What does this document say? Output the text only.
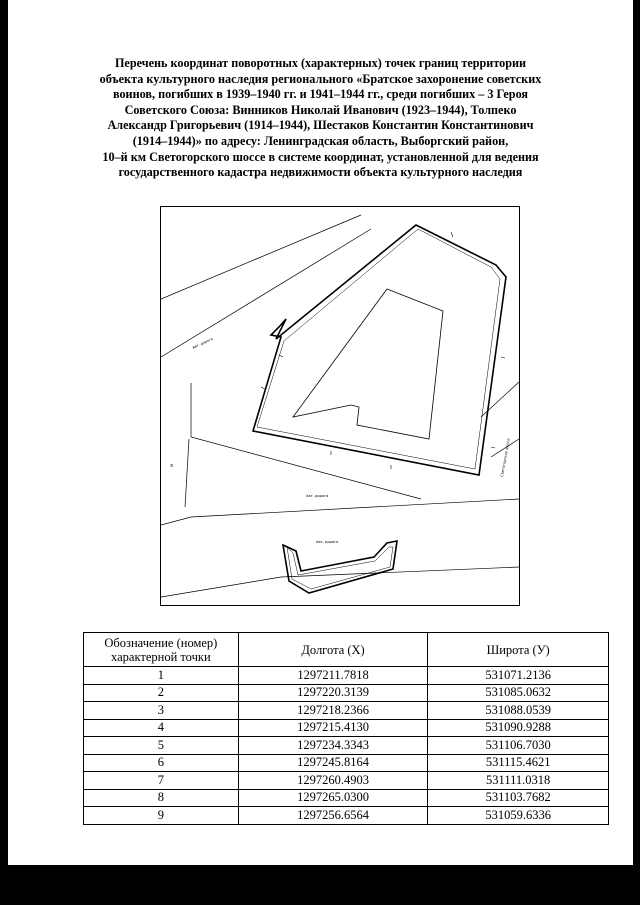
Перечень координат поворотных (характерных) точек границ территории
объекта культурного наследия регионального «Братское захоронение советских
воинов, погибших в 1939–1940 гг. и 1941–1944 гг., среди погибших – 3 Героя
Советского Союза: Винников Николай Иванович (1923–1944), Толпеко
Александр Григорьевич (1914–1944), Шестаков Константин Константинович
(1914–1944)» по адресу: Ленинградская область, Выборгский район,
10–й км Светогорского шоссе в системе координат, установленной для ведения
государственного кадастра недвижимости объекта культурного наследия
Авт. дорога
Авт. дорога
Светогорское шоссе
Авт. дорога
М
Обозначение (номер) характерной точки	Долгота (Х)	Широта (У)
1	1297211.7818	531071.2136
2	1297220.3139	531085.0632
3	1297218.2366	531088.0539
4	1297215.4130	531090.9288
5	1297234.3343	531106.7030
6	1297245.8164	531115.4621
7	1297260.4903	531111.0318
8	1297265.0300	531103.7682
9	1297256.6564	531059.6336
